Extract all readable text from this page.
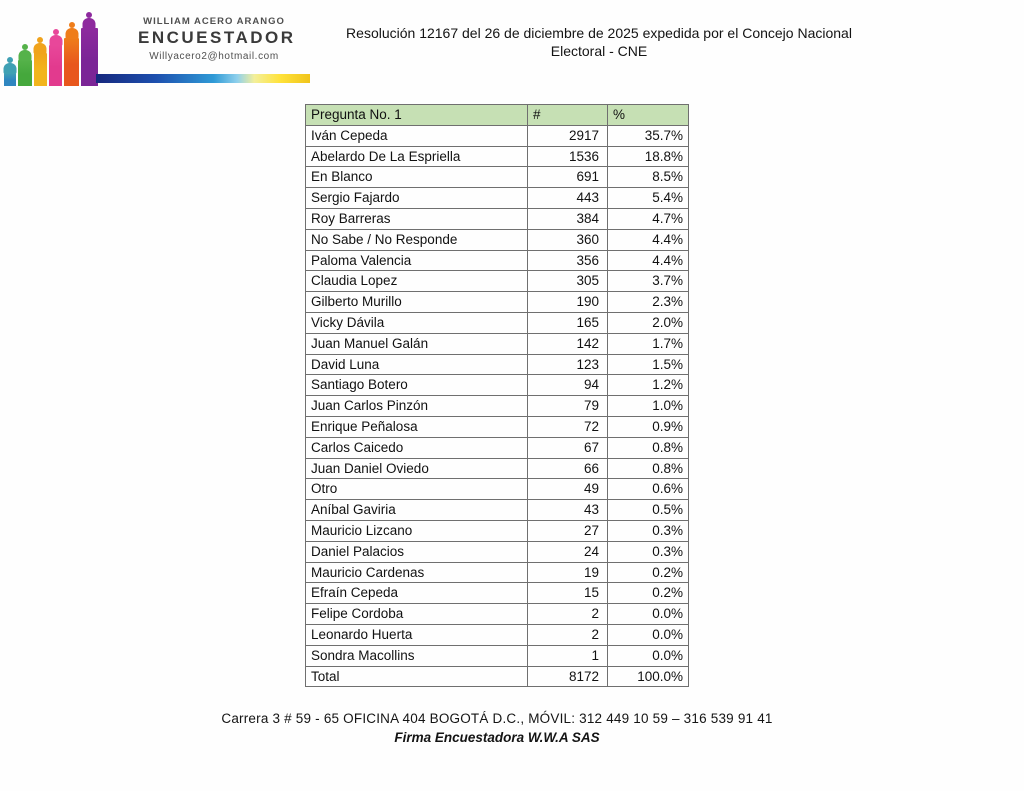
WILLIAM ACERO ARANGO
ENCUESTADOR
Willyacero2@hotmail.com
Resolución 12167 del 26 de diciembre de 2025 expedida por el Concejo Nacional Electoral - CNE
Pregunta No. 1	#	%
Iván Cepeda	2917	35.7%
Abelardo De La Espriella	1536	18.8%
En Blanco	691	8.5%
Sergio Fajardo	443	5.4%
Roy Barreras	384	4.7%
No Sabe / No Responde	360	4.4%
Paloma Valencia	356	4.4%
Claudia Lopez	305	3.7%
Gilberto Murillo	190	2.3%
Vicky Dávila	165	2.0%
Juan Manuel Galán	142	1.7%
David Luna	123	1.5%
Santiago Botero	94	1.2%
Juan Carlos Pinzón	79	1.0%
Enrique Peñalosa	72	0.9%
Carlos Caicedo	67	0.8%
Juan Daniel Oviedo	66	0.8%
Otro	49	0.6%
Aníbal Gaviria	43	0.5%
Mauricio Lizcano	27	0.3%
Daniel Palacios	24	0.3%
Mauricio Cardenas	19	0.2%
Efraín Cepeda	15	0.2%
Felipe Cordoba	2	0.0%
Leonardo Huerta	2	0.0%
Sondra Macollins	1	0.0%
Total	8172	100.0%
Carrera 3 # 59 - 65 OFICINA 404 BOGOTÁ D.C., MÓVIL: 312 449 10 59 – 316 539 91 41
Firma Encuestadora W.W.A SAS
